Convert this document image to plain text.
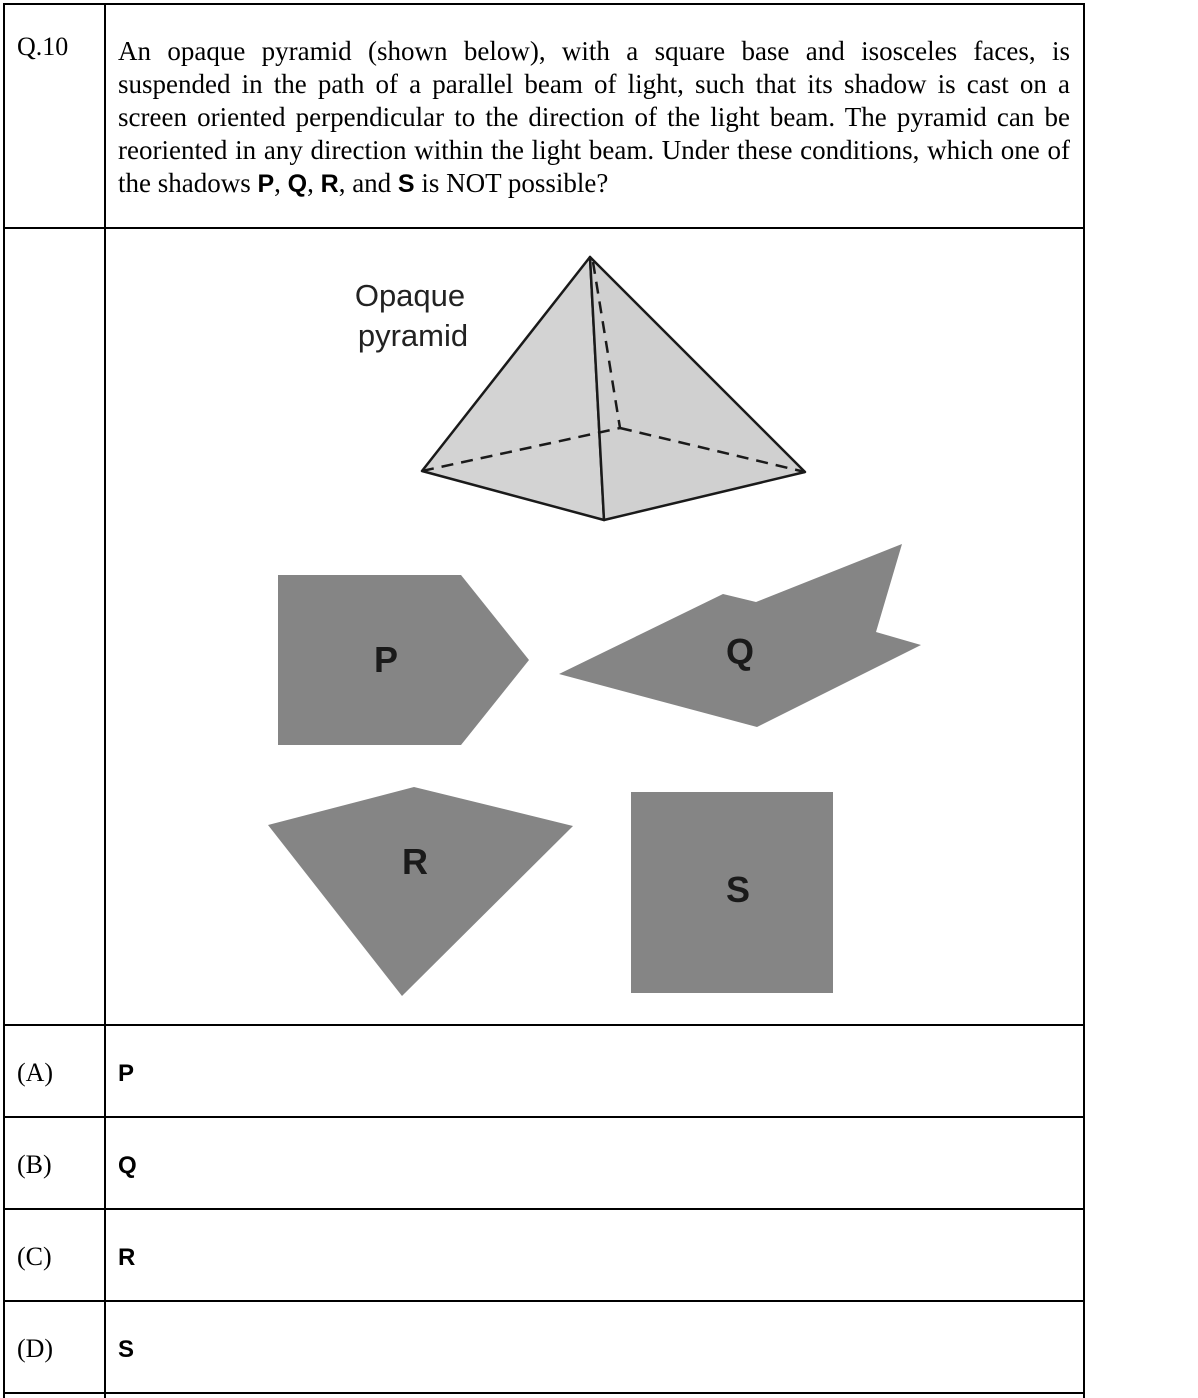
Q.10 An opaque pyramid (shown below), with a square base and isosceles faces, is suspended in the path of a parallel beam of light, such that its shadow is cast on a screen oriented perpendicular to the direction of the light beam. The pyramid can be reoriented in any direction within the light beam. Under these conditions, which one of the shadows P, Q, R, and S is NOT possible?
Opaque
pyramid
P	Q
R
S
(A)	P
(B)	Q
(C)	R
(D)	S
